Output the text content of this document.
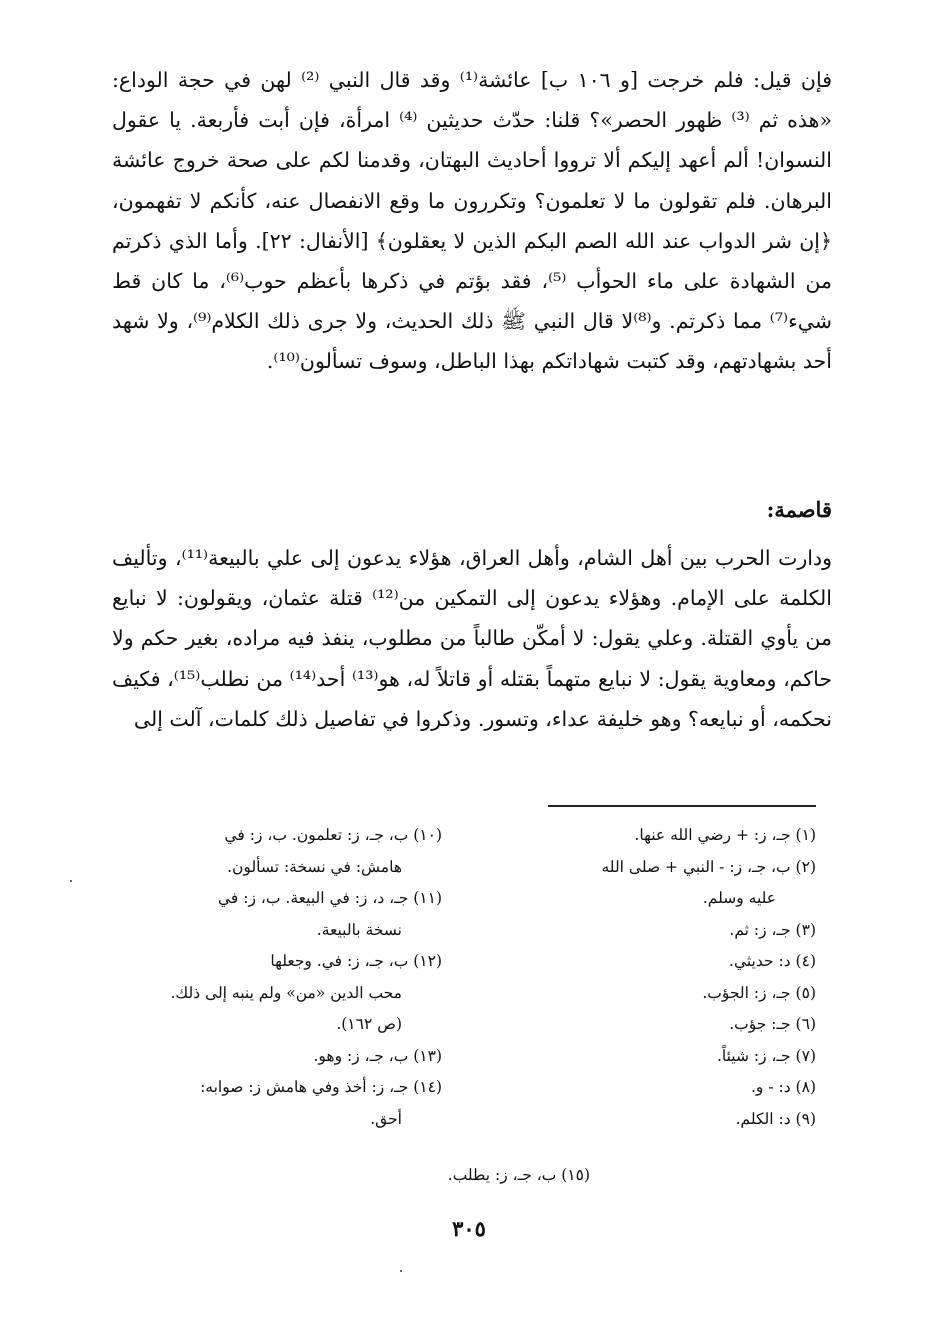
فإن قيل: فلم خرجت [و ١٠٦ ب] عائشة⁽¹⁾ وقد قال النبي ⁽²⁾ لهن في حجة الوداع: «هذه ثم ⁽³⁾ ظهور الحصر»؟ قلنا: حدّث حديثين ⁽⁴⁾ امرأة، فإن أبت فأربعة. يا عقول النسوان! ألم أعهد إليكم ألا ترووا أحاديث البهتان، وقدمنا لكم على صحة خروج عائشة البرهان. فلم تقولون ما لا تعلمون؟ وتكررون ما وقع الانفصال عنه، كأنكم لا تفهمون، ﴿إن شر الدواب عند الله الصم البكم الذين لا يعقلون﴾ [الأنفال: ٢٢]. وأما الذي ذكرتم من الشهادة على ماء الحوأب ⁽⁵⁾، فقد بؤتم في ذكرها بأعظم حوب⁽⁶⁾، ما كان قط شيء⁽⁷⁾ مما ذكرتم. و⁽⁸⁾لا قال النبي ﷺ ذلك الحديث، ولا جرى ذلك الكلام⁽⁹⁾، ولا شهد أحد بشهادتهم، وقد كتبت شهاداتكم بهذا الباطل، وسوف تسألون⁽¹⁰⁾.
قاصمة:
ودارت الحرب بين أهل الشام، وأهل العراق، هؤلاء يدعون إلى علي بالبيعة⁽¹¹⁾، وتأليف الكلمة على الإمام. وهؤلاء يدعون إلى التمكين من⁽¹²⁾ قتلة عثمان، ويقولون: لا نبايع من يأوي القتلة. وعلي يقول: لا أمكّن طالباً من مطلوب، ينفذ فيه مراده، بغير حكم ولا حاكم، ومعاوية يقول: لا نبايع متهماً بقتله أو قاتلاً له، هو⁽¹³⁾ أحد⁽¹⁴⁾ من نطلب⁽¹⁵⁾، فكيف نحكمه، أو نبايعه؟ وهو خليفة عداء، وتسور. وذكروا في تفاصيل ذلك كلمات، آلت إلى
(١) جـ، ز: + رضي الله عنها.
(٢) ب، جـ، ز: - النبي + صلى الله
عليه وسلم.
(٣) جـ، ز: ثم.
(٤) د: حديثي.
(٥) جـ، ز: الجؤب.
(٦) جـ: جؤب.
(٧) جـ، ز: شيئاً.
(٨) د: - و.
(٩) د: الكلم.
(١٠) ب، جـ، ز: تعلمون. ب، ز: في
هامش: في نسخة: تسألون.
(١١) جـ، د، ز: في البيعة. ب، ز: في
نسخة بالبيعة.
(١٢) ب، جـ، ز: في. وجعلها
محب الدين «من» ولم ينبه إلى ذلك.
(ص ١٦٢).
(١٣) ب، جـ، ز: وهو.
(١٤) جـ، ز: أخذ وفي هامش ز: صوابه:
أحق.
(١٥) ب، جـ، ز: يطلب.
٣٠٥
